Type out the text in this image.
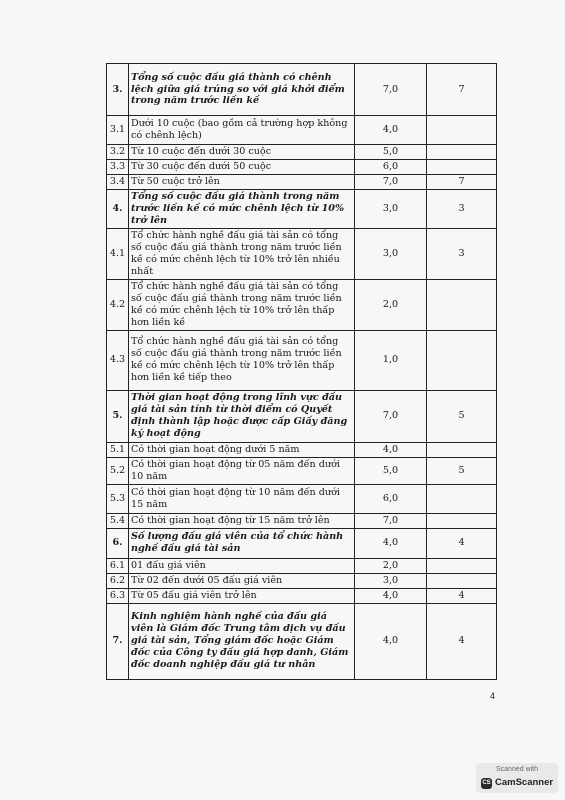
3.	Tổng số cuộc đấu giá thành có chênh lệch giữa giá trúng so với giá khởi điểm trong năm trước liền kề	7,0	7
3.1	Dưới 10 cuộc (bao gồm cả trường hợp không có chênh lệch)	4,0	
3.2	Từ 10 cuộc đến dưới 30 cuộc	5,0	
3.3	Từ 30 cuộc đến dưới 50 cuộc	6,0	
3.4	Từ 50 cuộc trở lên	7,0	7
4.	Tổng số cuộc đấu giá thành trong năm trước liền kề có mức chênh lệch từ 10% trở lên	3,0	3
4.1	Tổ chức hành nghề đấu giá tài sản có tổng số cuộc đấu giá thành trong năm trước liền kề có mức chênh lệch từ 10% trở lên nhiều nhất	3,0	3
4.2	Tổ chức hành nghề đấu giá tài sản có tổng số cuộc đấu giá thành trong năm trước liền kề có mức chênh lệch từ 10% trở lên thấp hơn liền kề	2,0	
4.3	Tổ chức hành nghề đấu giá tài sản có tổng số cuộc đấu giá thành trong năm trước liền kề có mức chênh lệch từ 10% trở lên thấp hơn liền kề tiếp theo	1,0	
5.	Thời gian hoạt động trong lĩnh vực đấu giá tài sản tính từ thời điểm có Quyết định thành lập hoặc được cấp Giấy đăng ký hoạt động	7,0	5
5.1	Có thời gian hoạt động dưới 5 năm	4,0	
5.2	Có thời gian hoạt động từ 05 năm đến dưới 10 năm	5,0	5
5.3	Có thời gian hoạt động từ 10 năm đến dưới 15 năm	6,0	
5.4	Có thời gian hoạt động từ 15 năm trở lên	7,0	
6.	Số lượng đấu giá viên của tổ chức hành nghề đấu giá tài sản	4,0	4
6.1	01 đấu giá viên	2,0	
6.2	Từ 02 đến dưới 05 đấu giá viên	3,0	
6.3	Từ 05 đấu giá viên trở lên	4,0	4
7.	Kinh nghiệm hành nghề của đấu giá viên là Giám đốc Trung tâm dịch vụ đấu giá tài sản, Tổng giám đốc hoặc Giám đốc của Công ty đấu giá hợp danh, Giám đốc doanh nghiệp đấu giá tư nhân	4,0	4
4
Scanned with
CS CamScanner
